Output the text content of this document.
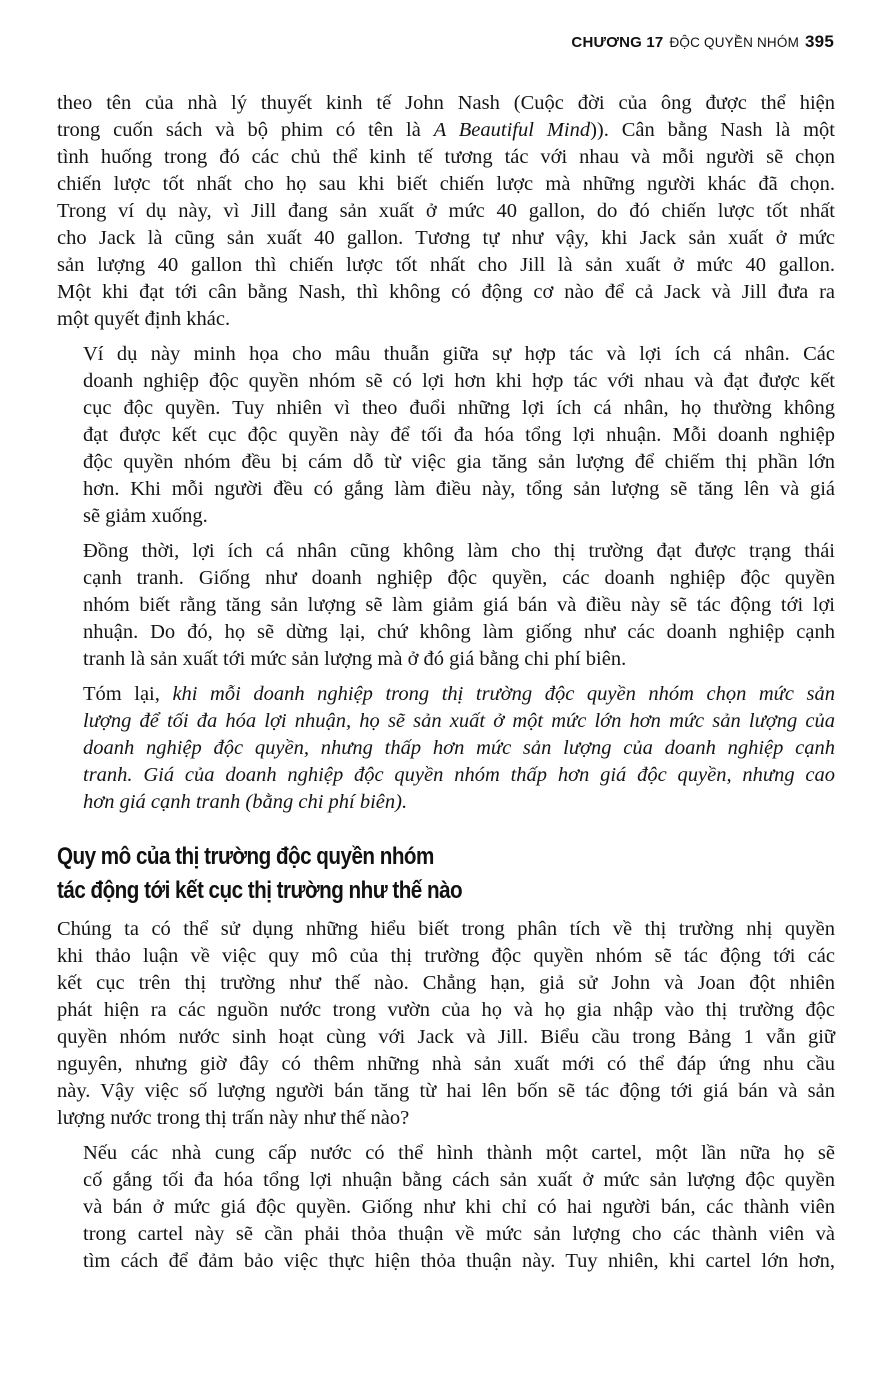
CHƯƠNG 17 ĐỘC QUYỀN NHÓM 395

theo tên của nhà lý thuyết kinh tế John Nash (Cuộc đời của ông được thể hiện
trong cuốn sách và bộ phim có tên là A Beautiful Mind)). Cân bằng Nash là một
tình huống trong đó các chủ thể kinh tế tương tác với nhau và mỗi người sẽ chọn
chiến lược tốt nhất cho họ sau khi biết chiến lược mà những người khác đã chọn.
Trong ví dụ này, vì Jill đang sản xuất ở mức 40 gallon, do đó chiến lược tốt nhất
cho Jack là cũng sản xuất 40 gallon. Tương tự như vậy, khi Jack sản xuất ở mức
sản lượng 40 gallon thì chiến lược tốt nhất cho Jill là sản xuất ở mức 40 gallon.
Một khi đạt tới cân bằng Nash, thì không có động cơ nào để cả Jack và Jill đưa ra
một quyết định khác.

Ví dụ này minh họa cho mâu thuẫn giữa sự hợp tác và lợi ích cá nhân. Các
doanh nghiệp độc quyền nhóm sẽ có lợi hơn khi hợp tác với nhau và đạt được kết
cục độc quyền. Tuy nhiên vì theo đuổi những lợi ích cá nhân, họ thường không
đạt được kết cục độc quyền này để tối đa hóa tổng lợi nhuận. Mỗi doanh nghiệp
độc quyền nhóm đều bị cám dỗ từ việc gia tăng sản lượng để chiếm thị phần lớn
hơn. Khi mỗi người đều có gắng làm điều này, tổng sản lượng sẽ tăng lên và giá
sẽ giảm xuống.

Đồng thời, lợi ích cá nhân cũng không làm cho thị trường đạt được trạng thái
cạnh tranh. Giống như doanh nghiệp độc quyền, các doanh nghiệp độc quyền
nhóm biết rằng tăng sản lượng sẽ làm giảm giá bán và điều này sẽ tác động tới lợi
nhuận. Do đó, họ sẽ dừng lại, chứ không làm giống như các doanh nghiệp cạnh
tranh là sản xuất tới mức sản lượng mà ở đó giá bằng chi phí biên.

Tóm lại, khi mỗi doanh nghiệp trong thị trường độc quyền nhóm chọn mức sản
lượng để tối đa hóa lợi nhuận, họ sẽ sản xuất ở một mức lớn hơn mức sản lượng của
doanh nghiệp độc quyền, nhưng thấp hơn mức sản lượng của doanh nghiệp cạnh
tranh. Giá của doanh nghiệp độc quyền nhóm thấp hơn giá độc quyền, nhưng cao
hơn giá cạnh tranh (bằng chi phí biên).

Quy mô của thị trường độc quyền nhóm
tác động tới kết cục thị trường như thế nào

Chúng ta có thể sử dụng những hiểu biết trong phân tích về thị trường nhị quyền
khi thảo luận về việc quy mô của thị trường độc quyền nhóm sẽ tác động tới các
kết cục trên thị trường như thế nào. Chẳng hạn, giả sử John và Joan đột nhiên
phát hiện ra các nguồn nước trong vườn của họ và họ gia nhập vào thị trường độc
quyền nhóm nước sinh hoạt cùng với Jack và Jill. Biểu cầu trong Bảng 1 vẫn giữ
nguyên, nhưng giờ đây có thêm những nhà sản xuất mới có thể đáp ứng nhu cầu
này. Vậy việc số lượng người bán tăng từ hai lên bốn sẽ tác động tới giá bán và sản
lượng nước trong thị trấn này như thế nào?

Nếu các nhà cung cấp nước có thể hình thành một cartel, một lần nữa họ sẽ
cố gắng tối đa hóa tổng lợi nhuận bằng cách sản xuất ở mức sản lượng độc quyền
và bán ở mức giá độc quyền. Giống như khi chỉ có hai người bán, các thành viên
trong cartel này sẽ cần phải thỏa thuận về mức sản lượng cho các thành viên và
tìm cách để đảm bảo việc thực hiện thỏa thuận này. Tuy nhiên, khi cartel lớn hơn,
